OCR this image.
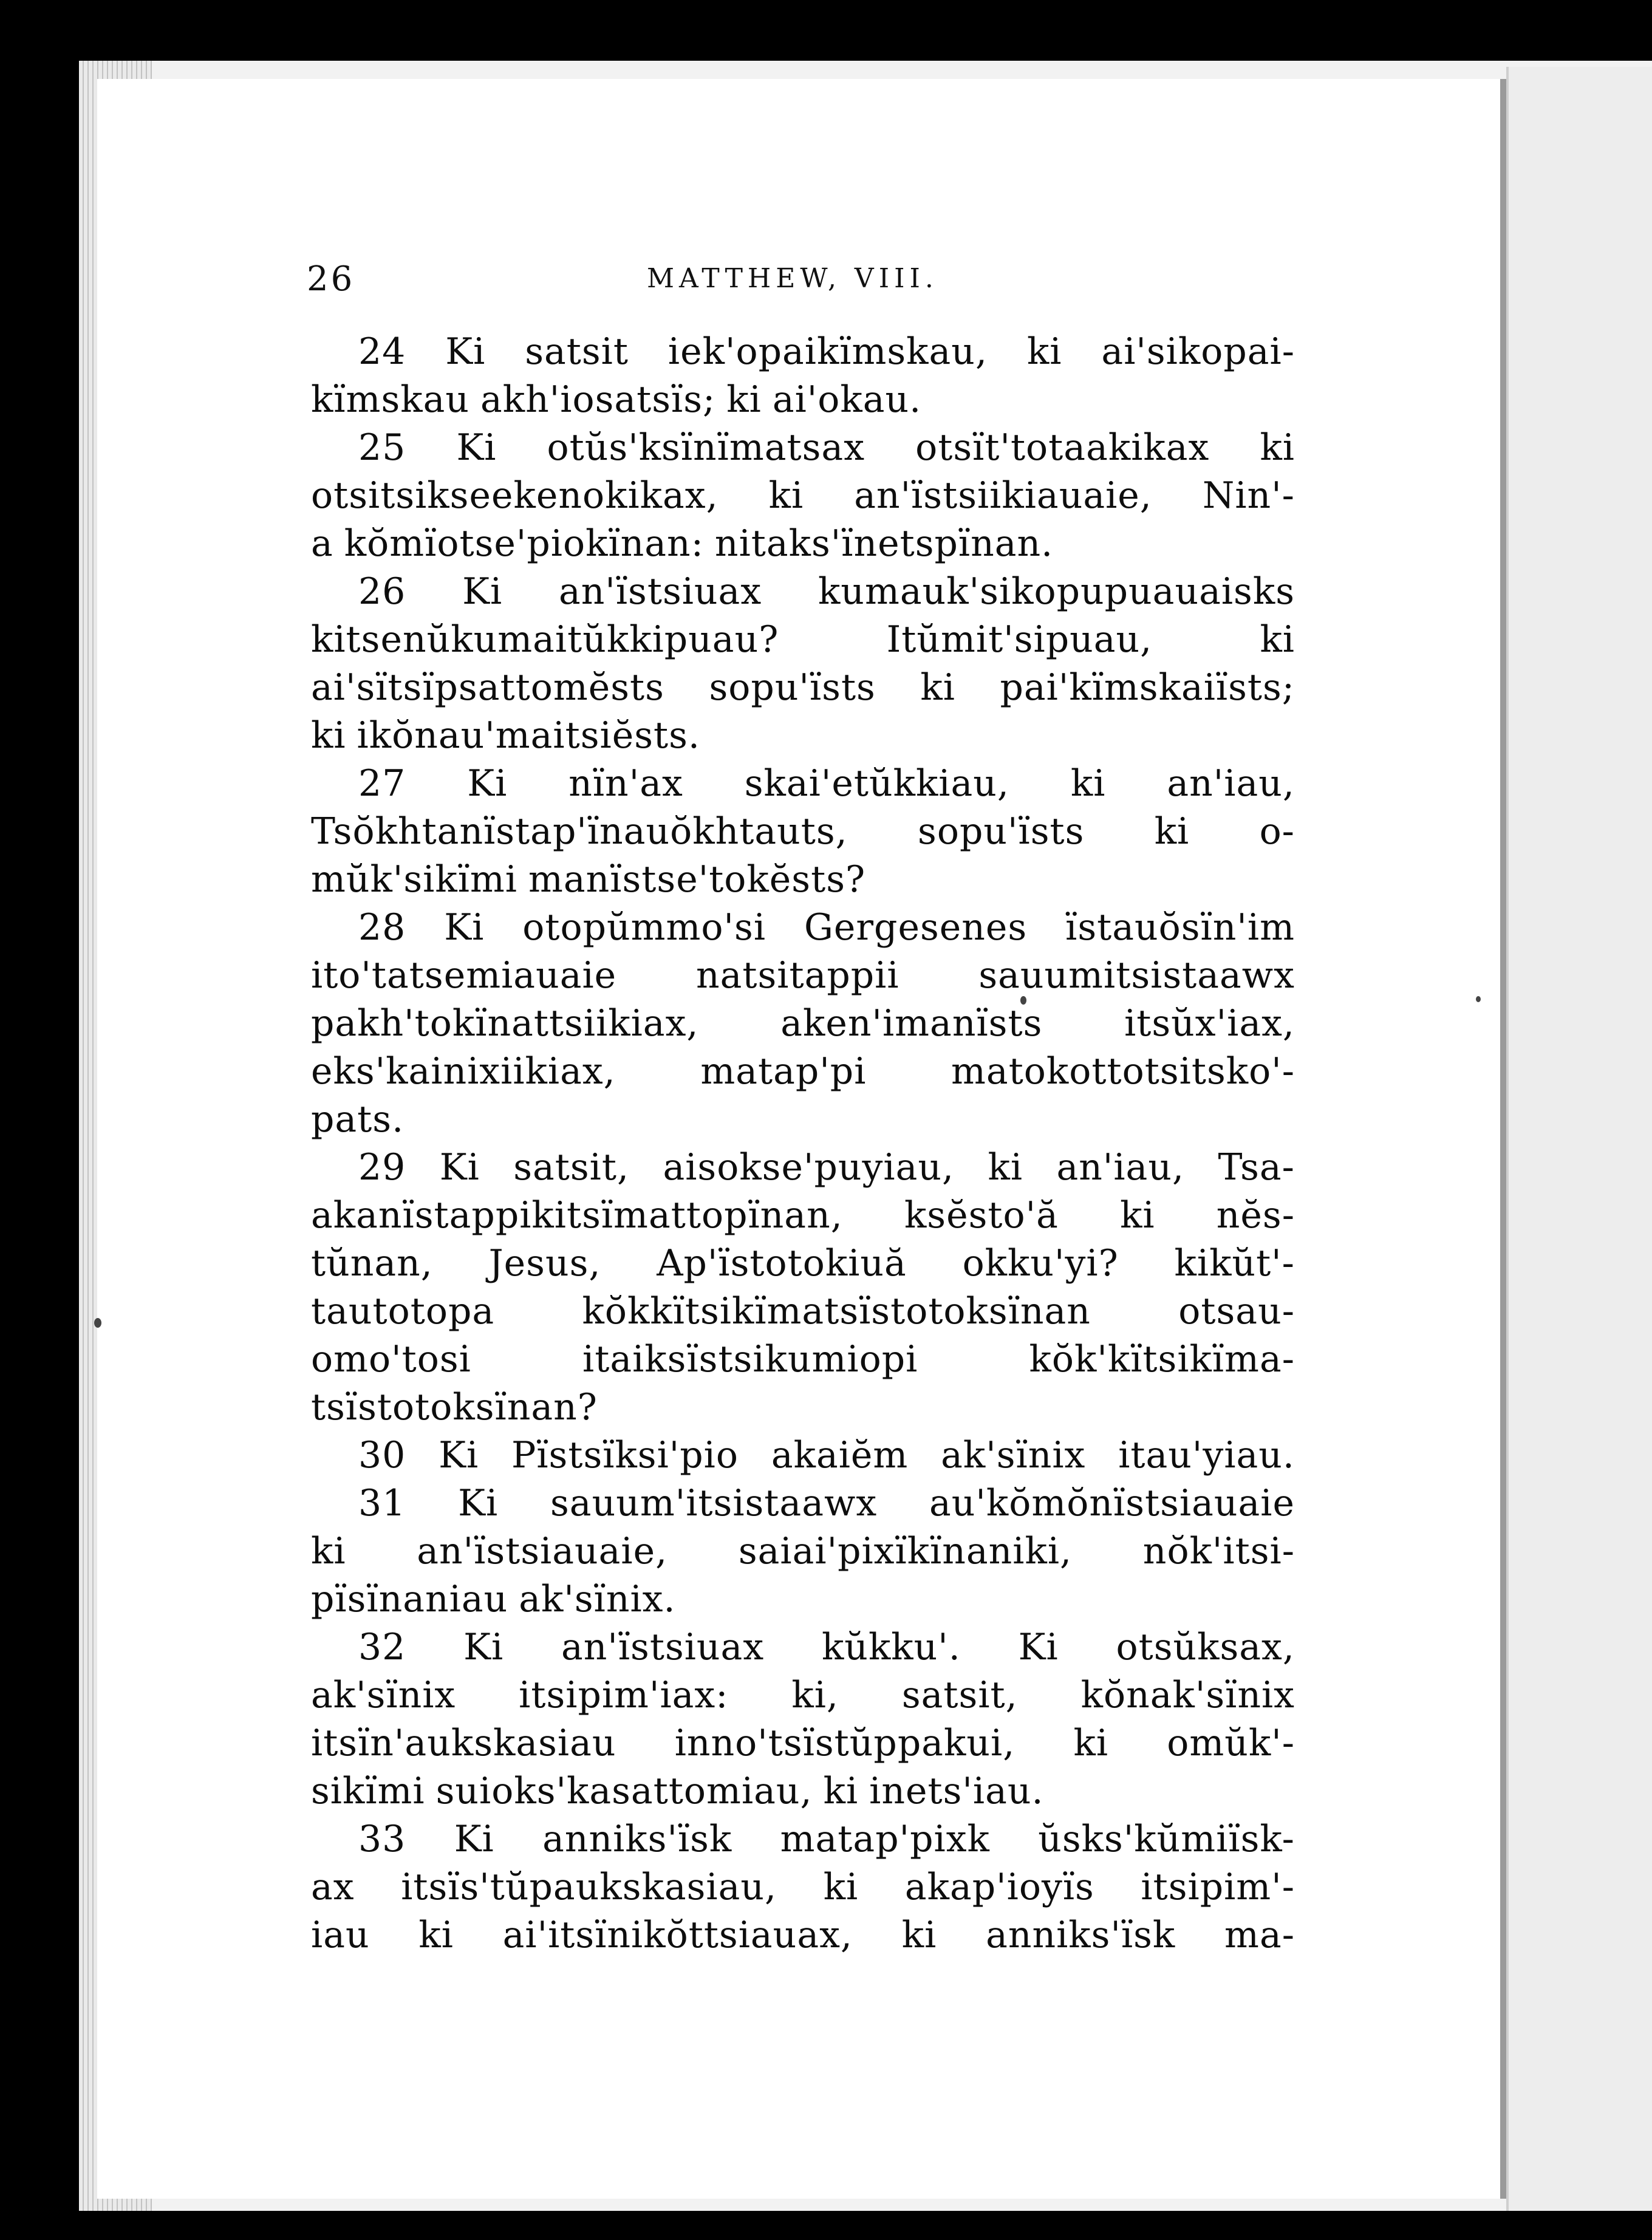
26	MATTHEW, VIII.
24 Ki satsit iek'opaikïmskau, ki ai'sikopai-
kïmskau akh'iosatsïs; ki ai'okau.
25 Ki otŭs'ksïnïmatsax otsït'totaakikax ki
otsitsikseekenokikax, ki an'ïstsiikiauaie, Nin'-
a kŏmïotse'piokïnan: nitaks'ïnetspïnan.
26 Ki an'ïstsiuax kumauk'sikopupuauaisks
kitsenŭkumaitŭkkipuau?	Itŭmit'sipuau,	ki
ai'sïtsïpsattomĕsts sopu'ïsts ki pai'kïmskaiïsts;
ki ikŏnau'maitsiĕsts.
27 Ki nïn'ax skai'etŭkkiau, ki an'iau,
Tsŏkhtanïstap'ïnauŏkhtauts, sopu'ïsts ki o-
mŭk'sikïmi manïstse'tokĕsts?
28 Ki otopŭmmo'si Gergesenes ïstauŏsïn'im
ito'tatsemiauaie natsitappii sauumitsistaawx
pakh'tokïnattsiikiax, aken'imanïsts itsŭx'iax,
eks'kainixiikiax, matap'pi matokottotsitsko'-
pats.
29 Ki satsit, aisokse'puyiau, ki an'iau, Tsa-
akanïstappikitsïmattopïnan, ksĕsto'ă ki nĕs-
tŭnan, Jesus, Ap'ïstotokiuă okku'yi? kikŭt'-
tautotopa kŏkkïtsikïmatsïstotoksïnan otsau-
omo'tosi	itaiksïstsikumiopi	kŏk'kïtsikïma-
tsïstotoksïnan?
30 Ki Pïstsïksi'pio akaiĕm ak'sïnix itau'yiau.
31 Ki sauum'itsistaawx au'kŏmŏnïstsiauaie
ki an'ïstsiauaie, saiai'pixïkïnaniki, nŏk'itsi-
pïsïnaniau ak'sïnix.
32 Ki an'ïstsiuax kŭkku'. Ki otsŭksax,
ak'sïnix itsipim'iax: ki, satsit, kŏnak'sïnix
itsïn'aukskasiau inno'tsïstŭppakui, ki omŭk'-
sikïmi suioks'kasattomiau, ki inets'iau.
33 Ki anniks'ïsk matap'pixk ŭsks'kŭmiïsk-
ax itsïs'tŭpaukskasiau, ki akap'ioyïs itsipim'-
iau ki ai'itsïnikŏttsiauax, ki anniks'ïsk ma-
